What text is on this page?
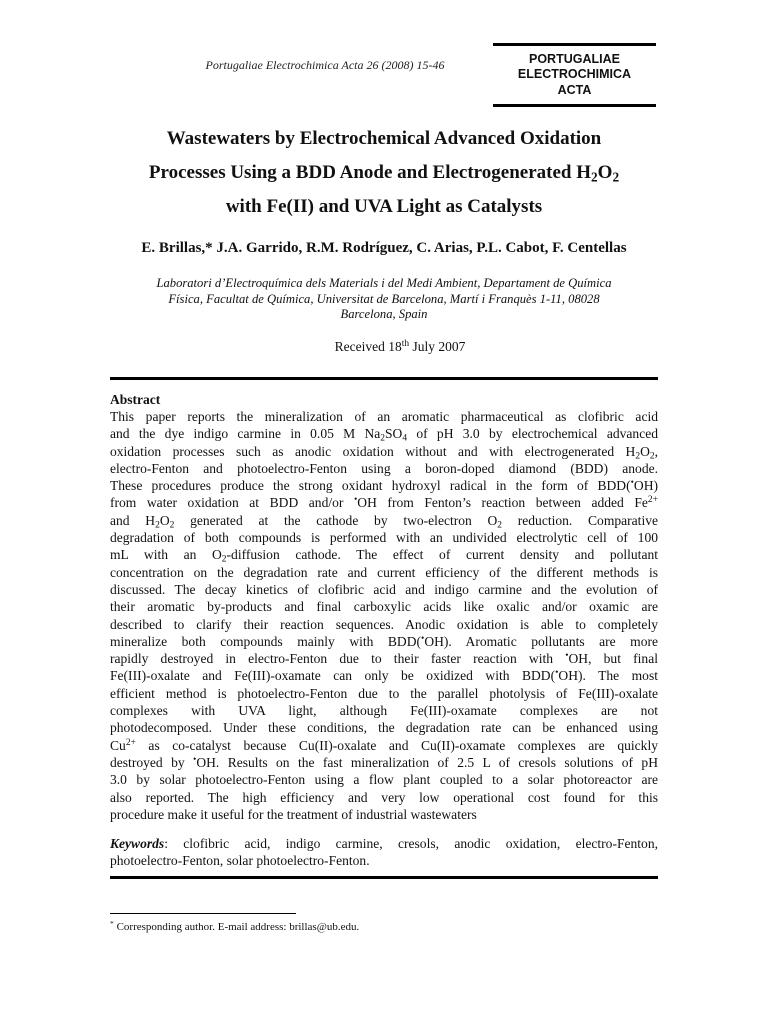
Portugaliae Electrochimica Acta 26 (2008) 15-46	PORTUGALIAE
ELECTROCHIMICA
ACTA
Wastewaters by Electrochemical Advanced Oxidation
Processes Using a BDD Anode and Electrogenerated $H_2O_2$
with Fe(II) and UVA Light as Catalysts
E. Brillas,* J.A. Garrido, R.M. Rodríguez, C. Arias, P.L. Cabot, F. Centellas
Laboratori d’Electroquímica dels Materials i del Medi Ambient, Departament de Química
Física, Facultat de Química, Universitat de Barcelona, Martí i Franquès 1-11, 08028
Barcelona, Spain
Received 18th July 2007
Abstract
This paper reports the mineralization of an aromatic pharmaceutical as clofibric acid
and the dye indigo carmine in 0.05 M $Na_2SO_4$ of pH 3.0 by electrochemical advanced
oxidation processes such as anodic oxidation without and with electrogenerated $H_2O_2$,
electro-Fenton and photoelectro-Fenton using a boron-doped diamond (BDD) anode.
These procedures produce the strong oxidant hydroxyl radical in the form of BDD(•OH)
from water oxidation at BDD and/or •OH from Fenton’s reaction between added $Fe^{2+}$
and $H_2O_2$ generated at the cathode by two-electron $O_2$ reduction. Comparative
degradation of both compounds is performed with an undivided electrolytic cell of 100
mL with an $O_2$-diffusion cathode. The effect of current density and pollutant
concentration on the degradation rate and current efficiency of the different methods is
discussed. The decay kinetics of clofibric acid and indigo carmine and the evolution of
their aromatic by-products and final carboxylic acids like oxalic and/or oxamic are
described to clarify their reaction sequences. Anodic oxidation is able to completely
mineralize both compounds mainly with BDD(•OH). Aromatic pollutants are more
rapidly destroyed in electro-Fenton due to their faster reaction with •OH, but final
Fe(III)-oxalate and Fe(III)-oxamate can only be oxidized with BDD(•OH). The most
efficient method is photoelectro-Fenton due to the parallel photolysis of Fe(III)-oxalate
complexes with UVA light, although Fe(III)-oxamate complexes are not
photodecomposed. Under these conditions, the degradation rate can be enhanced using
$Cu^{2+}$ as co-catalyst because Cu(II)-oxalate and Cu(II)-oxamate complexes are quickly
destroyed by •OH. Results on the fast mineralization of 2.5 L of cresols solutions of pH
3.0 by solar photoelectro-Fenton using a flow plant coupled to a solar photoreactor are
also reported. The high efficiency and very low operational cost found for this
procedure make it useful for the treatment of industrial wastewaters
Keywords: clofibric acid, indigo carmine, cresols, anodic oxidation, electro-Fenton,
photoelectro-Fenton, solar photoelectro-Fenton.
* Corresponding author. E-mail address: brillas@ub.edu.
